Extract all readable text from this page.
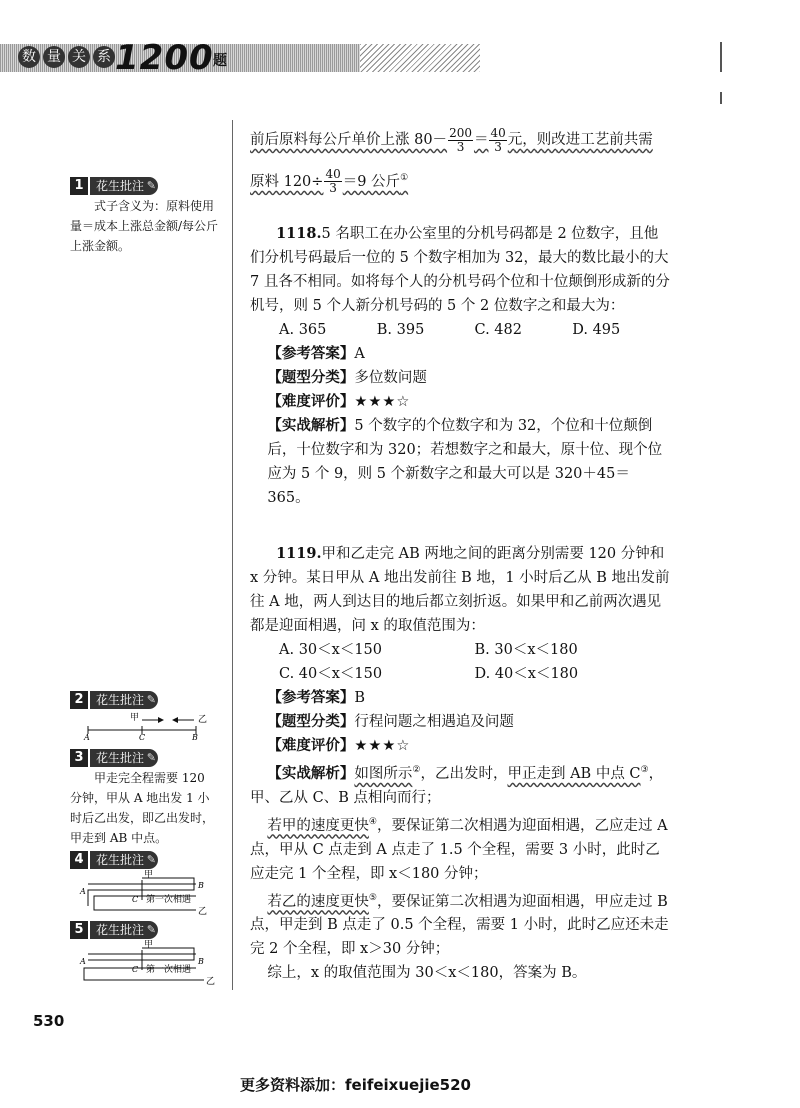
数 量 关 系 1200 题
前后原料每公斤单价上涨 $80- \frac{200}{3} = \frac{40}{3}$ 元，则改进工艺前共需
原料 $120\div \frac{40}{3} =9$ 公斤①
1118.5 名职工在办公室里的分机号码都是 2 位数字，且他们分机号码最后一位的 5 个数字相加为 32，最大的数比最小的大 7 且各不相同。如将每个人的分机号码个位和十位颠倒形成新的分机号，则 5 个人新分机号码的 5 个 2 位数字之和最大为：
A. 365	B. 395	C. 482	D. 495
【参考答案】A
【题型分类】多位数问题
【难度评价】★★★☆
【实战解析】5 个数字的个位数字和为 32，个位和十位颠倒后，十位数字和为 320；若想数字之和最大，原十位、现个位应为 5 个 9，则 5 个新数字之和最大可以是 320＋45＝365。
1119.甲和乙走完 AB 两地之间的距离分别需要 120 分钟和 x 分钟。某日甲从 A 地出发前往 B 地，1 小时后乙从 B 地出发前往 A 地，两人到达目的地后都立刻折返。如果甲和乙前两次遇见都是迎面相遇，问 x 的取值范围为：
A. 30＜x＜150	B. 30＜x＜180
C. 40＜x＜150	D. 40＜x＜180
【参考答案】B
【题型分类】行程问题之相遇追及问题
【难度评价】★★★☆
【实战解析】如图所示②，乙出发时，甲正走到 AB 中点 C③，
甲、乙从 C、B 点相向而行；
若甲的速度更快④，要保证第二次相遇为迎面相遇，乙应走过 A 点，甲从 C 点走到 A 点走了 1.5 个全程，需要 3 小时，此时乙应走完 1 个全程，即 x＜180 分钟；
若乙的速度更快⑤，要保证第二次相遇为迎面相遇，甲应走过 B 点，甲走到 B 点走了 0.5 个全程，需要 1 小时，此时乙应还未走完 2 个全程，即 x＞30 分钟；
综上，x 的取值范围为 30＜x＜180，答案为 B。
1	花生批注 ✎
式子含义为：原料使用量＝成本上涨总金额/每公斤上涨金额。
2	花生批注 ✎
甲	乙
A	C	B
3	花生批注 ✎
甲走完全程需要 120 分钟，甲从 A 地出发 1 小时后乙出发，即乙出发时，甲走到 AB 中点。
4	花生批注 ✎
甲
乙
A
C
B
第一次相遇
5	花生批注 ✎
甲
乙
A
C
B
第一次相遇
530
更多资料添加：feifeixuejie520
